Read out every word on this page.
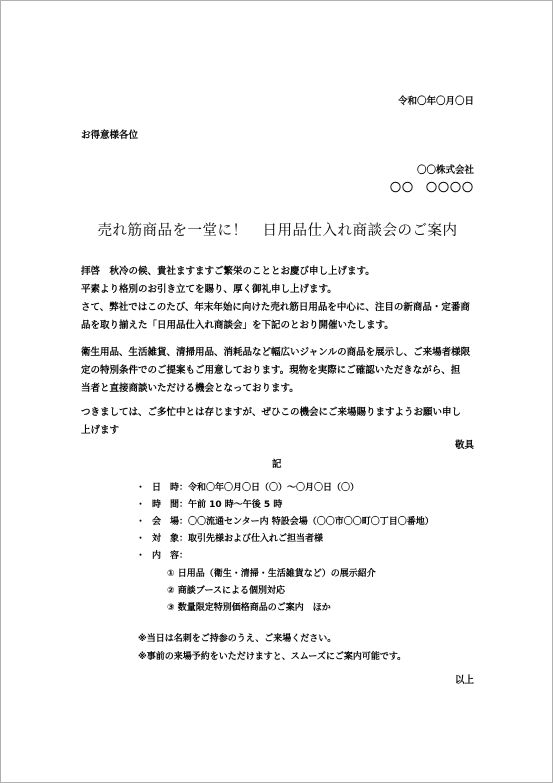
令和〇年〇月〇日
お得意様各位
〇〇株式会社
〇〇　〇〇〇〇
売れ筋商品を一堂に！　日用品仕入れ商談会のご案内
拝啓　秋冷の候、貴社ますますご繁栄のこととお慶び申し上げます。
平素より格別のお引き立てを賜り、厚く御礼申し上げます。
さて、弊社ではこのたび、年末年始に向けた売れ筋日用品を中心に、注目の新商品・定番商
品を取り揃えた「日用品仕入れ商談会」を下記のとおり開催いたします。
衛生用品、生活雑貨、清掃用品、消耗品など幅広いジャンルの商品を展示し、ご来場者様限
定の特別条件でのご提案もご用意しております。現物を実際にご確認いただきながら、担
当者と直接商談いただける機会となっております。
つきましては、ご多忙中とは存じますが、ぜひこの機会にご来場賜りますようお願い申し
上げます
敬具
記
・ 日　時：令和〇年〇月〇日（〇）～〇月〇日（〇）
・ 時　間：午前 10 時～午後 5 時
・ 会　場：〇〇流通センター内 特設会場（〇〇市〇〇町〇丁目〇番地）
・ 対　象：取引先様および仕入れご担当者様
・ 内　容：
① 日用品（衛生・清掃・生活雑貨など）の展示紹介
② 商談ブースによる個別対応
③ 数量限定特別価格商品のご案内　ほか
※当日は名刺をご持参のうえ、ご来場ください。
※事前の来場予約をいただけますと、スムーズにご案内可能です。
以上
